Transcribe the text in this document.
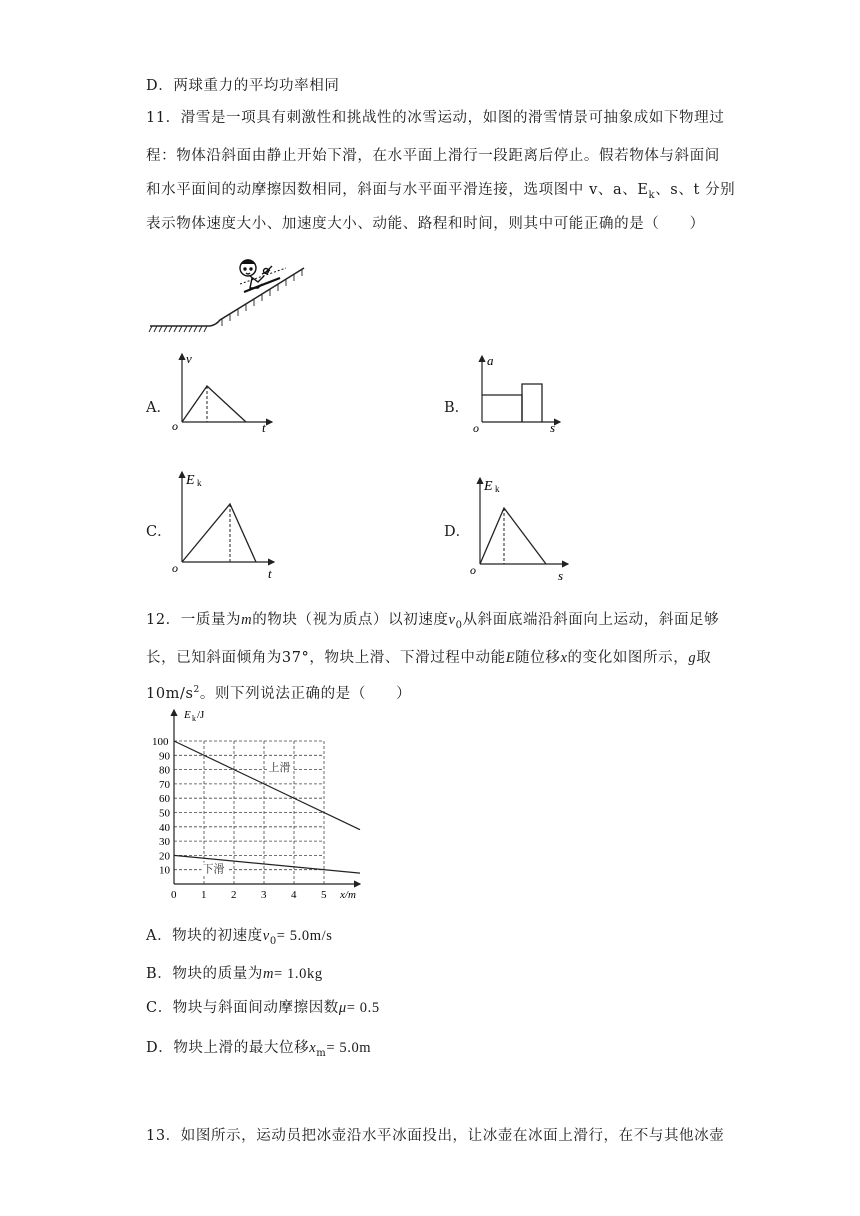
D．两球重力的平均功率相同
11．滑雪是一项具有刺激性和挑战性的冰雪运动，如图的滑雪情景可抽象成如下物理过
程：物体沿斜面由静止开始下滑，在水平面上滑行一段距离后停止。假若物体与斜面间
和水平面间的动摩擦因数相同，斜面与水平面平滑连接，选项图中 v、a、$E_k$、s、t 分别
表示物体速度大小、加速度大小、动能、路程和时间，则其中可能正确的是（　　）
A．
v
o	t
B．
a
o	s
C．
E k
o	t
D．
E k
o	s
12．一质量为m的物块（视为质点）以初速度$v_0$从斜面底端沿斜面向上运动，斜面足够
长，已知斜面倾角为37°，物块上滑、下滑过程中动能E随位移x的变化如图所示，g取
$10m/s^2$。则下列说法正确的是（　　）
0 1 2 3 4 5
10
20
30
40
50
60
70
80
90
100
E k /J
x/m
上滑
下滑
A．物块的初速度$v_0= 5.0m/s$
B．物块的质量为m= 1.0kg
C．物块与斜面间动摩擦因数μ= 0.5
D．物块上滑的最大位移$x_m= 5.0m$
13．如图所示，运动员把冰壶沿水平冰面投出，让冰壶在冰面上滑行，在不与其他冰壶
